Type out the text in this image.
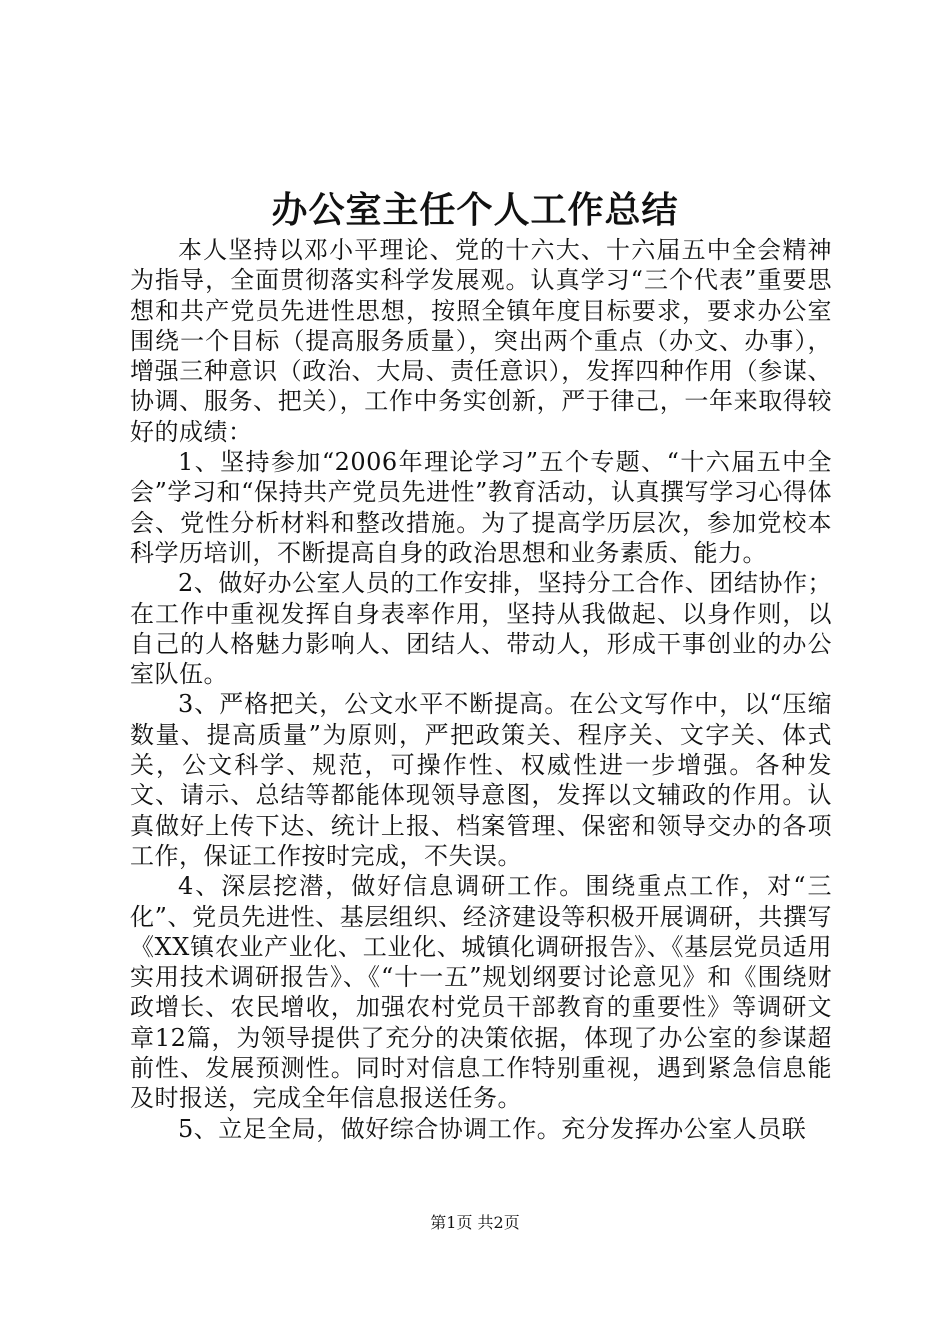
办公室主任个人工作总结

本人坚持以邓小平理论、党的十六大、十六届五中全会精神为指导，全面贯彻落实科学发展观。认真学习“三个代表”重要思想和共产党员先进性思想，按照全镇年度目标要求，要求办公室围绕一个目标（提高服务质量），突出两个重点（办文、办事），增强三种意识（政治、大局、责任意识），发挥四种作用（参谋、协调、服务、把关），工作中务实创新，严于律己，一年来取得较好的成绩：

1、坚持参加“2006年理论学习”五个专题、“十六届五中全会”学习和“保持共产党员先进性”教育活动，认真撰写学习心得体会、党性分析材料和整改措施。为了提高学历层次，参加党校本科学历培训，不断提高自身的政治思想和业务素质、能力。

2、做好办公室人员的工作安排，坚持分工合作、团结协作；在工作中重视发挥自身表率作用，坚持从我做起、以身作则，以自己的人格魅力影响人、团结人、带动人，形成干事创业的办公室队伍。

3、严格把关，公文水平不断提高。在公文写作中，以“压缩数量、提高质量”为原则，严把政策关、程序关、文字关、体式关，公文科学、规范，可操作性、权威性进一步增强。各种发文、请示、总结等都能体现领导意图，发挥以文辅政的作用。认真做好上传下达、统计上报、档案管理、保密和领导交办的各项工作，保证工作按时完成，不失误。

4、深层挖潜，做好信息调研工作。围绕重点工作，对“三化”、党员先进性、基层组织、经济建设等积极开展调研，共撰写《XX镇农业产业化、工业化、城镇化调研报告》、《基层党员适用实用技术调研报告》、《“十一五”规划纲要讨论意见》和《围绕财政增长、农民增收，加强农村党员干部教育的重要性》等调研文章12篇，为领导提供了充分的决策依据，体现了办公室的参谋超前性、发展预测性。同时对信息工作特别重视，遇到紧急信息能及时报送，完成全年信息报送任务。

5、立足全局，做好综合协调工作。充分发挥办公室人员联

第1页 共2页
